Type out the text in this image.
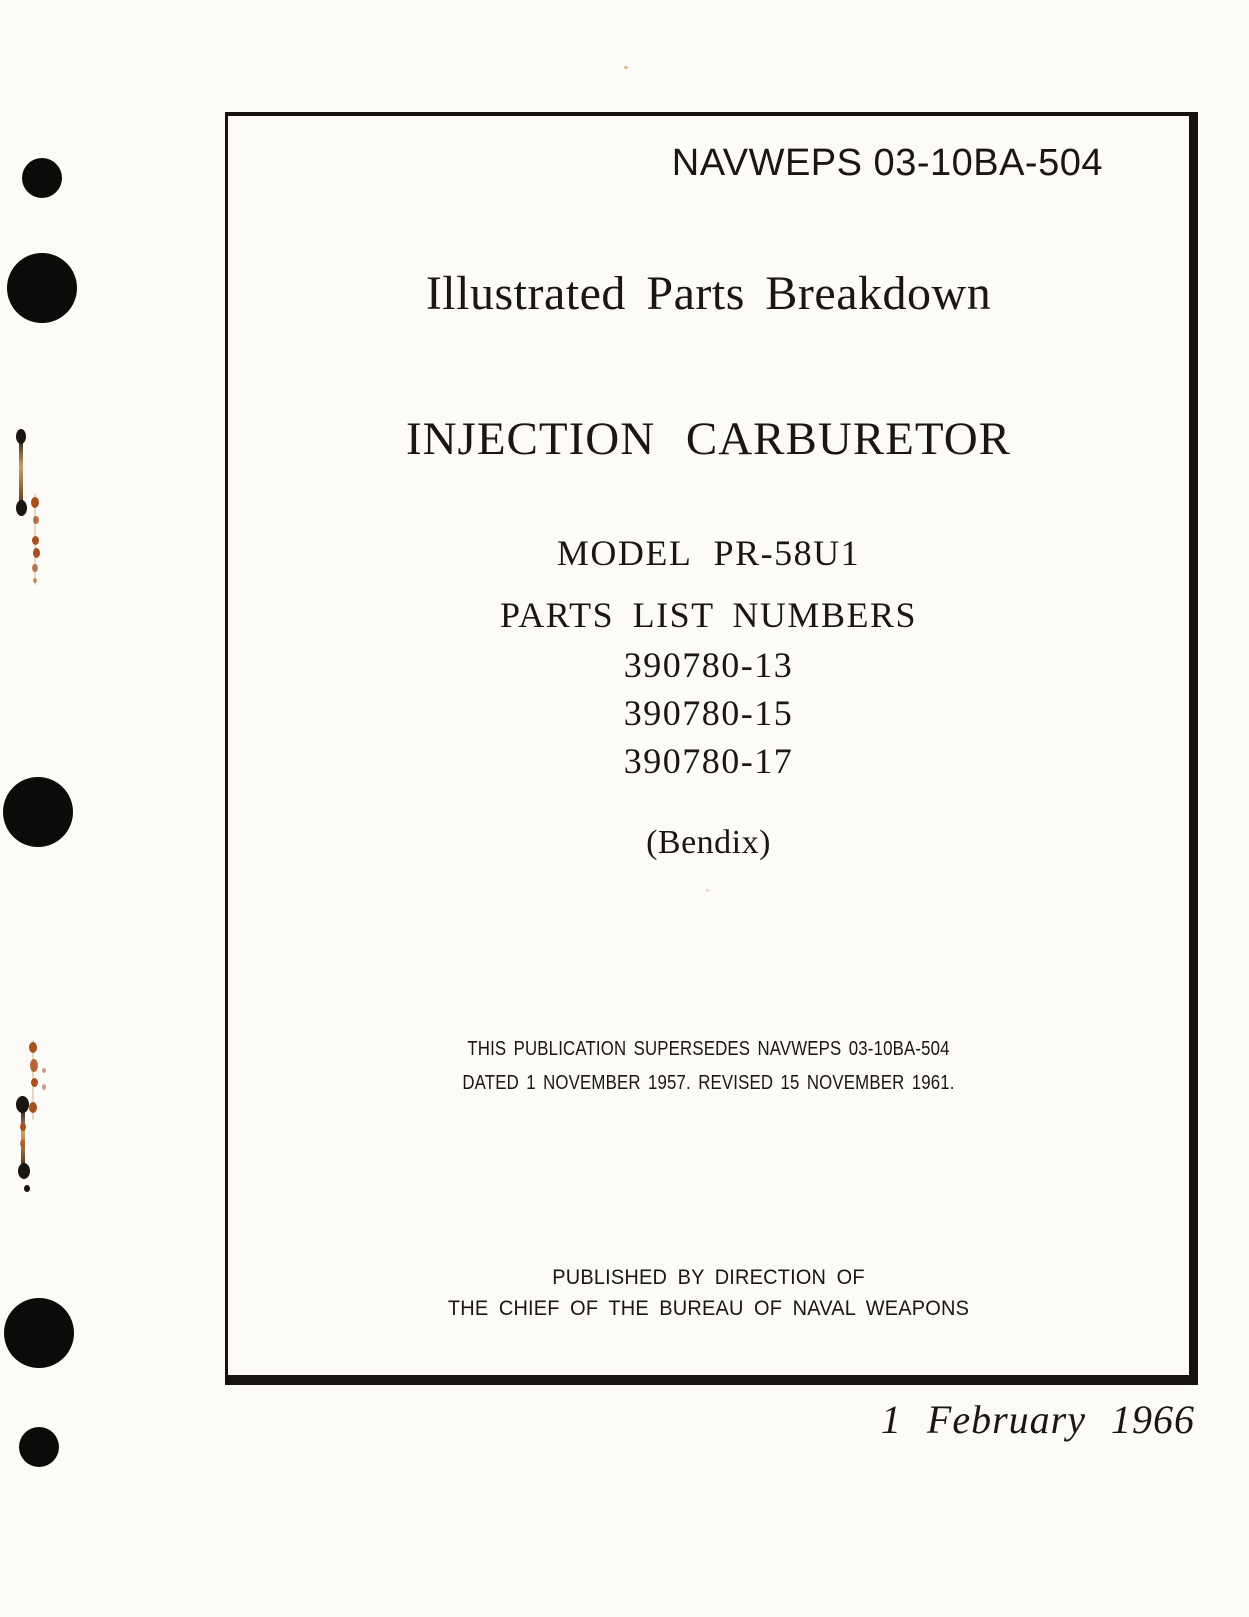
NAVWEPS 03-10BA-504
Illustrated Parts Breakdown
INJECTION CARBURETOR
MODEL PR-58U1
PARTS LIST NUMBERS
390780-13
390780-15
390780-17
(Bendix)
THIS PUBLICATION SUPERSEDES NAVWEPS 03-10BA-504
DATED 1 NOVEMBER 1957. REVISED 15 NOVEMBER 1961.
PUBLISHED BY DIRECTION OF
THE CHIEF OF THE BUREAU OF NAVAL WEAPONS
1 February 1966
